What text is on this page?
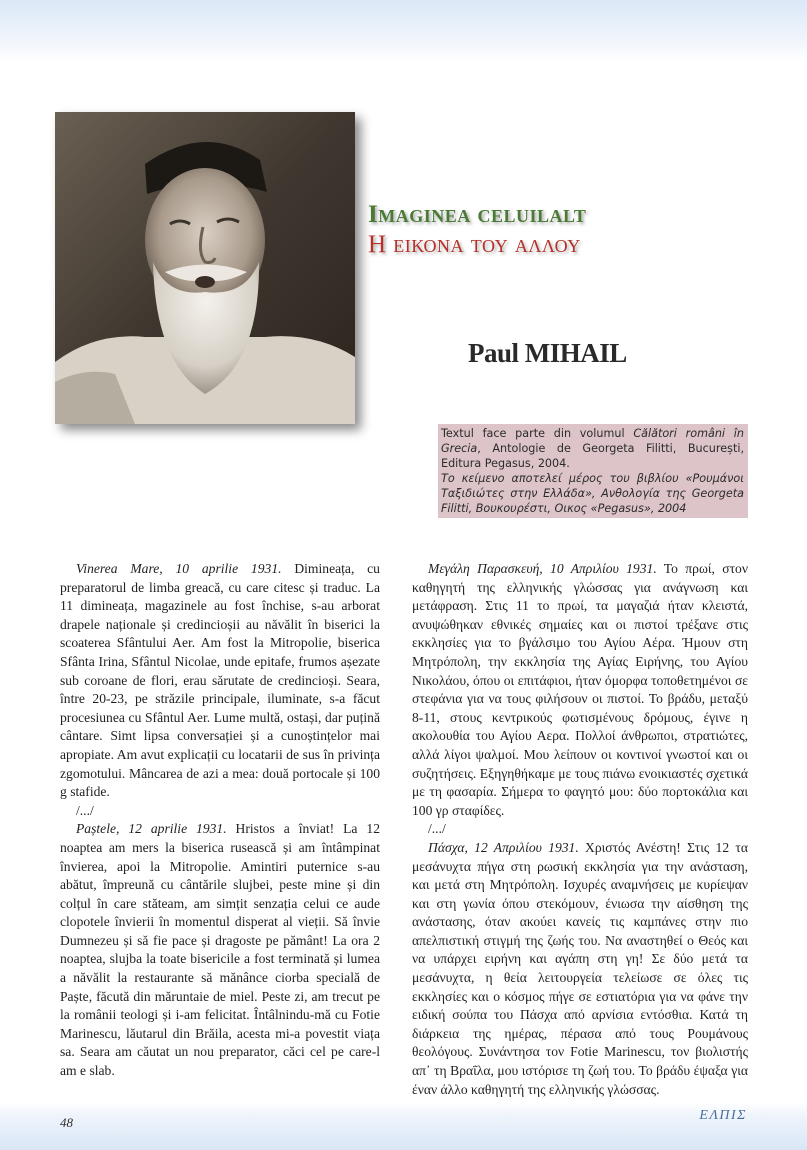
Imaginea celuilalt
Η εικονα του αλλου
Paul MIHAIL
Textul face parte din volumul Călători români în Grecia, Antologie de Georgeta Filitti, București, Editura Pegasus, 2004.
Το κείμενο αποτελεί μέρος του βιβλίου «Ρουμάνοι Ταξιδιώτες στην Ελλάδα», Ανθολογία της Georgeta Filitti, Βουκουρέστι, Οικος «Pegasus», 2004

Vinerea Mare, 10 aprilie 1931. Dimineața, cu preparatorul de limba greacă, cu care citesc și traduc. La 11 dimineața, magazinele au fost închise, s-au arborat drapele naționale și credincioșii au năvălit în biserici la scoaterea Sfântului Aer. Am fost la Mitropolie, biserica Sfânta Irina, Sfântul Nicolae, unde epitafe, frumos așezate sub coroane de flori, erau sărutate de credincioși. Seara, între 20-23, pe străzile principale, iluminate, s-a făcut procesiunea cu Sfântul Aer. Lume multă, ostași, dar puțină cântare. Simt lipsa conversației și a cunoștințelor mai apropiate. Am avut explicații cu locatarii de sus în privința zgomotului. Mâncarea de azi a mea: două portocale și 100 g stafide.

/.../

Paștele, 12 aprilie 1931. Hristos a înviat! La 12 noaptea am mers la biserica rusească și am întâmpinat învierea, apoi la Mitropolie. Amintiri puternice s-au abătut, împreună cu cântările slujbei, peste mine și din colțul în care stăteam, am simțit senzația celui ce aude clopotele învierii în momentul disperat al vieții. Să învie Dumnezeu și să fie pace și dragoste pe pământ! La ora 2 noaptea, slujba la toate bisericile a fost terminată și lumea a năvălit la restaurante să mănânce ciorba specială de Paște, făcută din măruntaie de miel. Peste zi, am trecut pe la românii teologi și i-am felicitat. Întâlnindu-mă cu Fotie Marinescu, lăutarul din Brăila, acesta mi-a povestit viața sa. Seara am căutat un nou preparator, căci cel pe care-l am e slab.

Μεγάλη Παρασκευή, 10 Απριλίου 1931. Το πρωί, στον καθηγητή της ελληνικής γλώσσας για ανάγνωση και μετάφραση. Στις 11 το πρωί, τα μαγαζιά ήταν κλειστά, ανυψώθηκαν εθνικές σημαίες και οι πιστοί τρέξανε στις εκκλησίες για το βγάλσιμο του Αγίου Αέρα. Ήμουν στη Μητρόπολη, την εκκλησία της Αγίας Ειρήνης, του Αγίου Νικολάου, όπου οι επιτάφιοι, ήταν όμορφα τοποθετημένοι σε στεφάνια για να τους φιλήσουν οι πιστοί. Το βράδυ, μεταξύ 8-11, στους κεντρικούς φωτισμένους δρόμους, έγινε η ακολουθία του Αγίου Αερα. Πολλοί άνθρωποι, στρατιώτες, αλλά λίγοι ψαλμοί. Μου λείπουν οι κοντινοί γνωστοί και οι συζητήσεις. Εξηγηθήκαμε με τους πιάνω ενοικιαστές σχετικά με τη φασαρία. Σήμερα το φαγητό μου: δύο πορτοκάλια και 100 γρ σταφίδες.

/.../

Πάσχα, 12 Απριλίου 1931. Χριστός Ανέστη! Στις 12 τα μεσάνυχτα πήγα στη ρωσική εκκλησία για την ανάσταση, και μετά στη Μητρόπολη. Ισχυρές αναμνήσεις με κυρίεψαν και στη γωνία όπου στεκόμουν, ένιωσα την αίσθηση της ανάστασης, όταν ακούει κανείς τις καμπάνες στην πιο απελπιστική στιγμή της ζωής του. Να αναστηθεί ο Θεός και να υπάρχει ειρήνη και αγάπη στη γη! Σε δύο μετά τα μεσάνυχτα, η θεία λειτουργεία τελείωσε σε όλες τις εκκλησίες και ο κόσμος πήγε σε εστιατόρια για να φάνε την ειδική σούπα του Πάσχα από αρνίσια εντόσθια. Κατά τη διάρκεια της ημέρας, πέρασα από τους Ρουμάνους θεολόγους. Συνάντησα τον Fotie Marinescu, τον βιολιστής απ᾽ τη Βραΐλα, μου ιστόρισε τη ζωή του. Το βράδυ έψαξα για έναν άλλο καθηγητή της ελληνικής γλώσσας.

48	ΕΛΠΙΣ
